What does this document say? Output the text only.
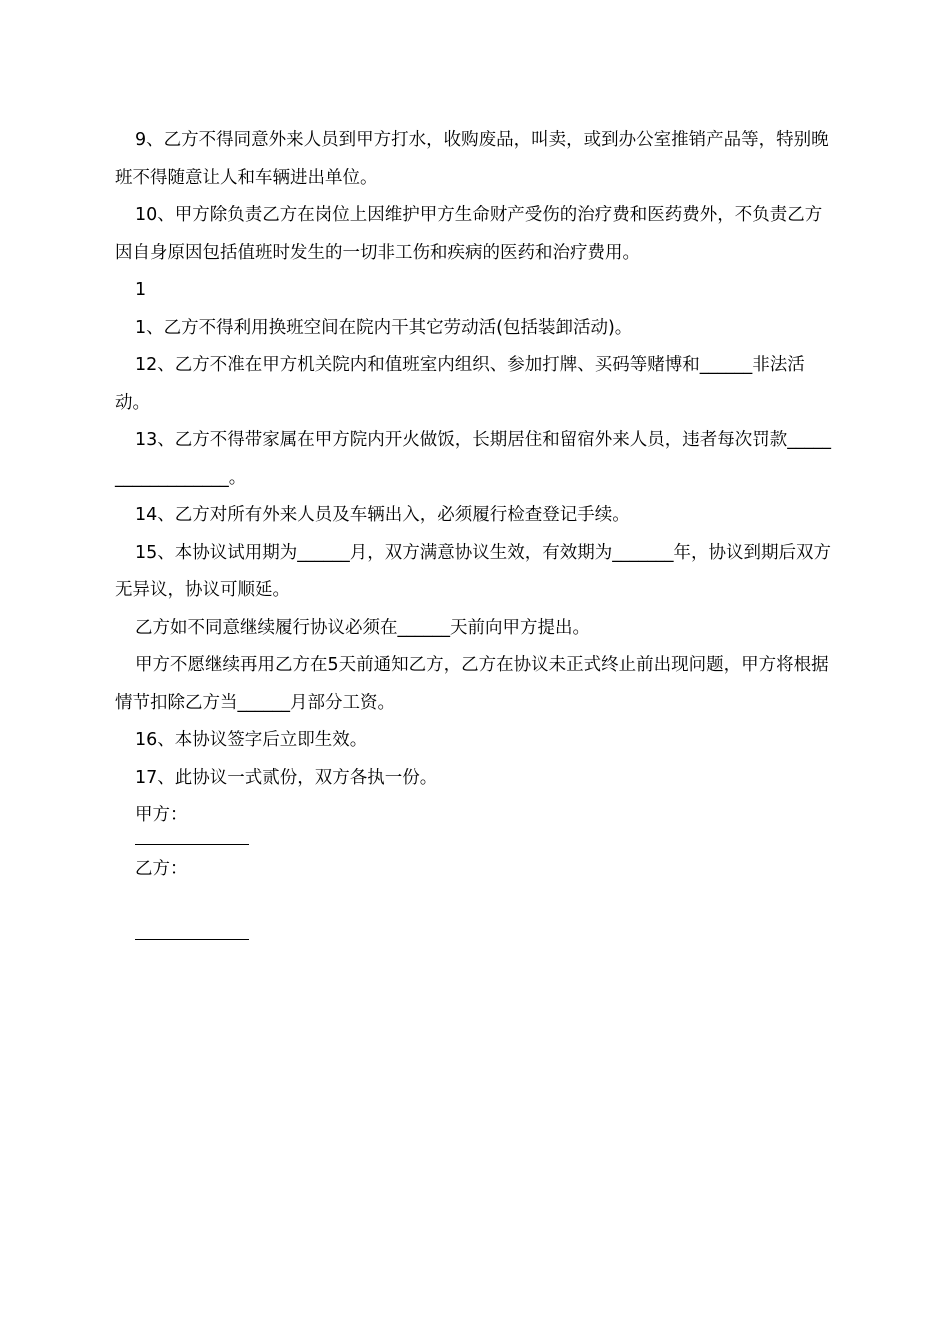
9、乙方不得同意外来人员到甲方打水，收购废品，叫卖，或到办公室推销产品等，特别晚班不得随意让人和车辆进出单位。

10、甲方除负责乙方在岗位上因维护甲方生命财产受伤的治疗费和医药费外，不负责乙方因自身原因包括值班时发生的一切非工伤和疾病的医药和治疗费用。

1

1、乙方不得利用换班空间在院内干其它劳动活(包括装卸活动)。

12、乙方不准在甲方机关院内和值班室内组织、参加打牌、买码等赌博和______非法活动。

13、乙方不得带家属在甲方院内开火做饭，长期居住和留宿外来人员，违者每次罚款__________________。

14、乙方对所有外来人员及车辆出入，必须履行检查登记手续。

15、本协议试用期为______月，双方满意协议生效，有效期为_______年，协议到期后双方无异议，协议可顺延。

乙方如不同意继续履行协议必须在______天前向甲方提出。

甲方不愿继续再用乙方在5天前通知乙方，乙方在协议未正式终止前出现问题，甲方将根据情节扣除乙方当______月部分工资。

16、本协议签字后立即生效。

17、此协议一式贰份，双方各执一份。

甲方：

乙方：
